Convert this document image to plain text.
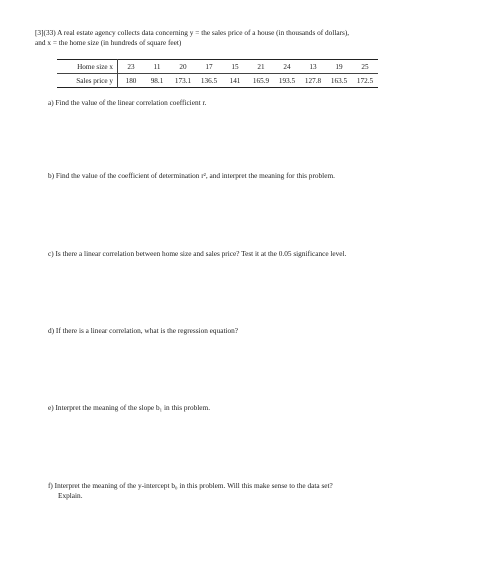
[3](33) A real estate agency collects data concerning y = the sales price of a house (in thousands of dollars),

and x = the home size (in hundreds of square feet)

Home size x	23	11	20	17	15	21	24	13	19	25
Sales price y	180	98.1	173.1	136.5	141	165.9	193.5	127.8	163.5	172.5

a) Find the value of the linear correlation coefficient r.

b) Find the value of the coefficient of determination r², and interpret the meaning for this problem.

c) Is there a linear correlation between home size and sales price? Test it at the 0.05 significance level.

d) If there is a linear correlation, what is the regression equation?

e) Interpret the meaning of the slope b₁ in this problem.

f) Interpret the meaning of the y-intercept b₀ in this problem. Will this make sense to the data set?

Explain.
